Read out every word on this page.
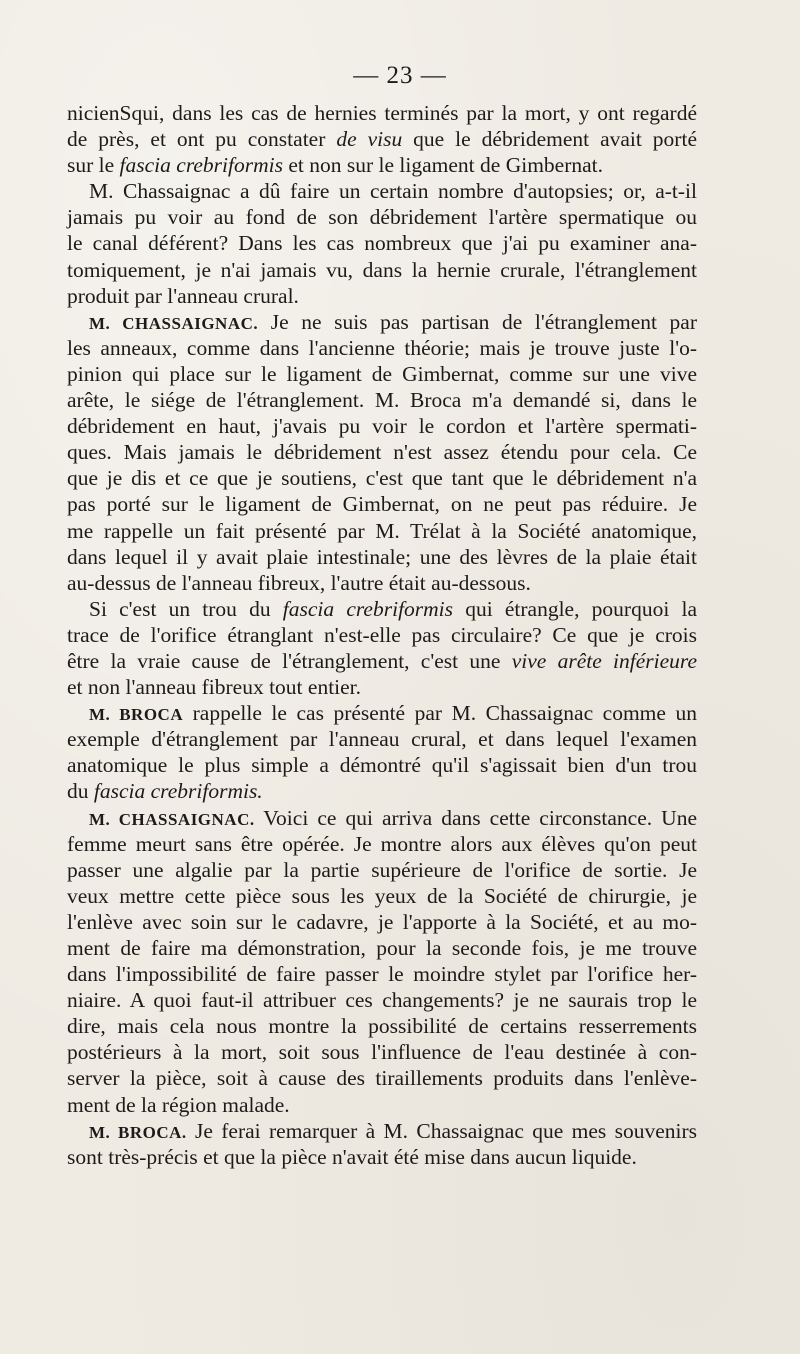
— 23 —
nicienSqui, dans les cas de hernies terminés par la mort, y ont regardé
de près, et ont pu constater de visu que le débridement avait porté
sur le fascia crebriformis et non sur le ligament de Gimbernat.
M. Chassaignac a dû faire un certain nombre d'autopsies; or, a-t-il
jamais pu voir au fond de son débridement l'artère spermatique ou
le canal déférent? Dans les cas nombreux que j'ai pu examiner ana-
tomiquement, je n'ai jamais vu, dans la hernie crurale, l'étranglement
produit par l'anneau crural.
M. CHASSAIGNAC. Je ne suis pas partisan de l'étranglement par
les anneaux, comme dans l'ancienne théorie; mais je trouve juste l'o-
pinion qui place sur le ligament de Gimbernat, comme sur une vive
arête, le siége de l'étranglement. M. Broca m'a demandé si, dans le
débridement en haut, j'avais pu voir le cordon et l'artère spermati-
ques. Mais jamais le débridement n'est assez étendu pour cela. Ce
que je dis et ce que je soutiens, c'est que tant que le débridement n'a
pas porté sur le ligament de Gimbernat, on ne peut pas réduire. Je
me rappelle un fait présenté par M. Trélat à la Société anatomique,
dans lequel il y avait plaie intestinale; une des lèvres de la plaie était
au-dessus de l'anneau fibreux, l'autre était au-dessous.
Si c'est un trou du fascia crebriformis qui étrangle, pourquoi la
trace de l'orifice étranglant n'est-elle pas circulaire? Ce que je crois
être la vraie cause de l'étranglement, c'est une vive arête inférieure
et non l'anneau fibreux tout entier.
M. BROCA rappelle le cas présenté par M. Chassaignac comme un
exemple d'étranglement par l'anneau crural, et dans lequel l'examen
anatomique le plus simple a démontré qu'il s'agissait bien d'un trou
du fascia crebriformis.
M. CHASSAIGNAC. Voici ce qui arriva dans cette circonstance. Une
femme meurt sans être opérée. Je montre alors aux élèves qu'on peut
passer une algalie par la partie supérieure de l'orifice de sortie. Je
veux mettre cette pièce sous les yeux de la Société de chirurgie, je
l'enlève avec soin sur le cadavre, je l'apporte à la Société, et au mo-
ment de faire ma démonstration, pour la seconde fois, je me trouve
dans l'impossibilité de faire passer le moindre stylet par l'orifice her-
niaire. A quoi faut-il attribuer ces changements? je ne saurais trop le
dire, mais cela nous montre la possibilité de certains resserrements
postérieurs à la mort, soit sous l'influence de l'eau destinée à con-
server la pièce, soit à cause des tiraillements produits dans l'enlève-
ment de la région malade.
M. BROCA. Je ferai remarquer à M. Chassaignac que mes souvenirs
sont très-précis et que la pièce n'avait été mise dans aucun liquide.
